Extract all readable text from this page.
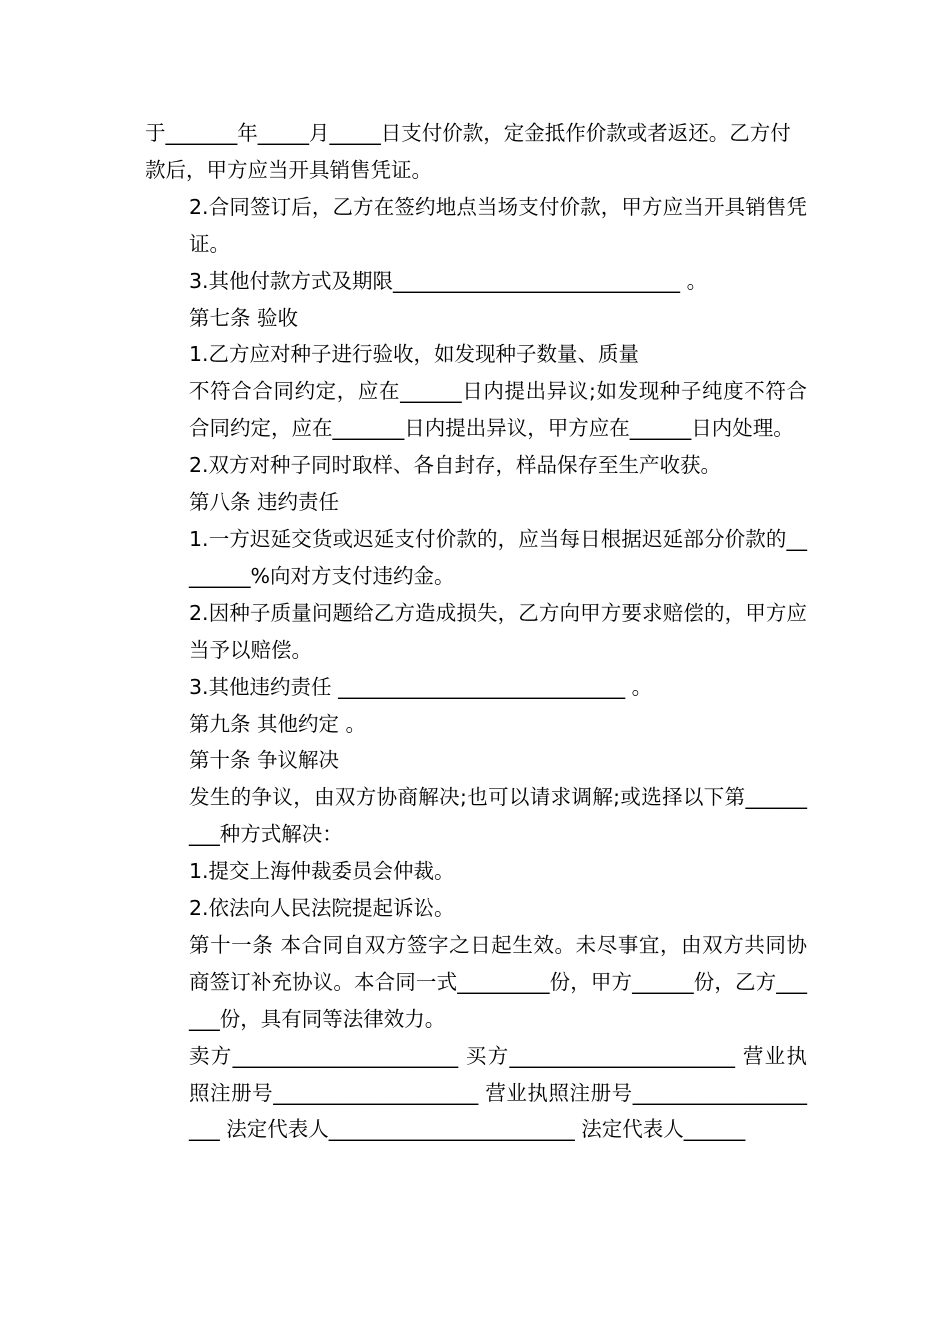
于_______年_____月_____日支付价款，定金抵作价款或者返还。乙方付款后，甲方应当开具销售凭证。

2.合同签订后，乙方在签约地点当场支付价款，甲方应当开具销售凭证。

3.其他付款方式及期限____________________________ 。

第七条 验收

1.乙方应对种子进行验收，如发现种子数量、质量

不符合合同约定，应在______日内提出异议;如发现种子纯度不符合合同约定，应在_______日内提出异议，甲方应在______日内处理。

2.双方对种子同时取样、各自封存，样品保存至生产收获。

第八条 违约责任

1.一方迟延交货或迟延支付价款的，应当每日根据迟延部分价款的________%向对方支付违约金。

2.因种子质量问题给乙方造成损失，乙方向甲方要求赔偿的，甲方应当予以赔偿。

3.其他违约责任 ____________________________ 。

第九条 其他约定 。

第十条 争议解决

发生的争议，由双方协商解决;也可以请求调解;或选择以下第_________种方式解决：

1.提交上海仲裁委员会仲裁。

2.依法向人民法院提起诉讼。

第十一条 本合同自双方签字之日起生效。未尽事宜，由双方共同协商签订补充协议。本合同一式_________份，甲方______份，乙方______份，具有同等法律效力。

卖方______________________ 买方______________________ 营业执照注册号____________________ 营业执照注册号____________________ 法定代表人________________________ 法定代表人______
